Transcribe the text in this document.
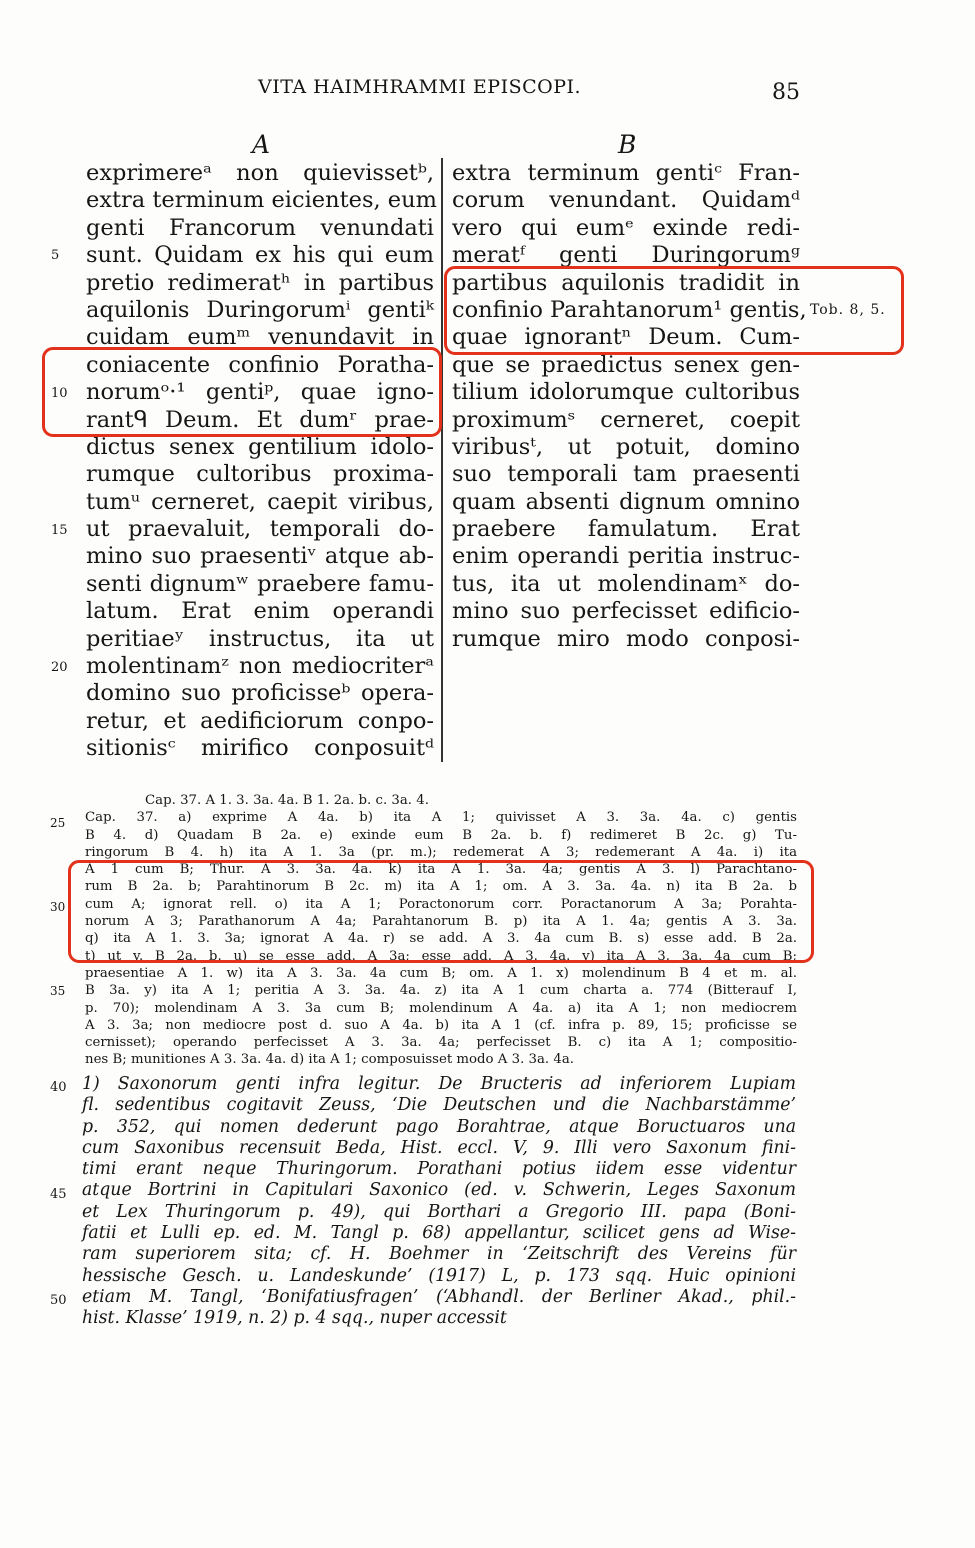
VITA HAIMHRAMMI EPISCOPI.	85
A	B
exprimereᵃ non quievissetᵇ,
extra terminum eicientes, eum
genti Francorum venundati
sunt. Quidam ex his qui eum
pretio redimeratʰ in partibus
aquilonis Duringorumⁱ gentiᵏ
cuidam eumᵐ venundavit in
coniacente confinio Poratha-
norumᵒ·¹ gentiᵖ, quae igno-
rantᑫ Deum. Et dumʳ prae-
dictus senex gentilium idolo-
rumque cultoribus proxima-
tumᵘ cerneret, caepit viribus,
ut praevaluit, temporali do-
mino suo praesentiᵛ atque ab-
senti dignumʷ praebere famu-
latum. Erat enim operandi
peritiaeʸ instructus, ita ut
molentinamᶻ non mediocriterᵃ
domino suo proficisseᵇ opera-
retur, et aedificiorum conpo-
sitionisᶜ mirifico conposuitᵈ
extra terminum gentiᶜ Fran-
corum venundant. Quidamᵈ
vero qui eumᵉ exinde redi-
meratᶠ genti Duringorumᵍ
partibus aquilonis tradidit in
confinio Parahtanorum¹ gentis,
quae ignorantⁿ Deum. Cum-
que se praedictus senex gen-
tilium idolorumque cultoribus
proximumˢ cerneret, coepit
viribusᵗ, ut potuit, domino
suo temporali tam praesenti
quam absenti dignum omnino
praebere famulatum. Erat
enim operandi peritia instruc-
tus, ita ut molendinamˣ do-
mino suo perfecisset edificio-
rumque miro modo conposi-
5
10
15
20
Tob. 8, 5.
Cap. 37. A 1. 3. 3a. 4a. B 1. 2a. b. c. 3a. 4.
Cap. 37. a) exprime A 4a. b) ita A 1; quivisset A 3. 3a. 4a. c) gentis
B 4. d) Quadam B 2a. e) exinde eum B 2a. b. f) redimeret B 2c. g) Tu-
ringorum B 4. h) ita A 1. 3a (pr. m.); redemerat A 3; redemerant A 4a. i) ita
A 1 cum B; Thur. A 3. 3a. 4a. k) ita A 1. 3a. 4a; gentis A 3. l) Parachtano-
rum B 2a. b; Parahtinorum B 2c. m) ita A 1; om. A 3. 3a. 4a. n) ita B 2a. b
cum A; ignorat rell. o) ita A 1; Poractonorum corr. Poractanorum A 3a; Porahta-
norum A 3; Parathanorum A 4a; Parahtanorum B. p) ita A 1. 4a; gentis A 3. 3a.
q) ita A 1. 3. 3a; ignorat A 4a. r) se add. A 3. 4a cum B. s) esse add. B 2a.
t) ut v. B 2a. b. u) se esse add. A 3a; esse add. A 3. 4a. v) ita A 3. 3a. 4a cum B;
praesentiae A 1. w) ita A 3. 3a. 4a cum B; om. A 1. x) molendinum B 4 et m. al.
B 3a. y) ita A 1; peritia A 3. 3a. 4a. z) ita A 1 cum charta a. 774 (Bitterauf I,
p. 70); molendinam A 3. 3a cum B; molendinum A 4a. a) ita A 1; non mediocrem
A 3. 3a; non mediocre post d. suo A 4a. b) ita A 1 (cf. infra p. 89, 15; proficisse se
cernisset); operando perfecisset A 3. 3a. 4a; perfecisset B. c) ita A 1; compositio-
nes B; munitiones A 3. 3a. 4a. d) ita A 1; composuisset modo A 3. 3a. 4a.
25
30
35
1) Saxonorum genti infra legitur. De Bructeris ad inferiorem Lupiam
fl. sedentibus cogitavit Zeuss, ‘Die Deutschen und die Nachbarstämme’
p. 352, qui nomen dederunt pago Borahtrae, atque Boructuaros una
cum Saxonibus recensuit Beda, Hist. eccl. V, 9. Illi vero Saxonum fini-
timi erant neque Thuringorum. Porathani potius iidem esse videntur
atque Bortrini in Capitulari Saxonico (ed. v. Schwerin, Leges Saxonum
et Lex Thuringorum p. 49), qui Borthari a Gregorio III. papa (Boni-
fatii et Lulli ep. ed. M. Tangl p. 68) appellantur, scilicet gens ad Wise-
ram superiorem sita; cf. H. Boehmer in ‘Zeitschrift des Vereins für
hessische Gesch. u. Landeskunde’ (1917) L, p. 173 sqq. Huic opinioni
etiam M. Tangl, ‘Bonifatiusfragen’ (‘Abhandl. der Berliner Akad., phil.-
hist. Klasse’ 1919, n. 2) p. 4 sqq., nuper accessit
40
45
50
